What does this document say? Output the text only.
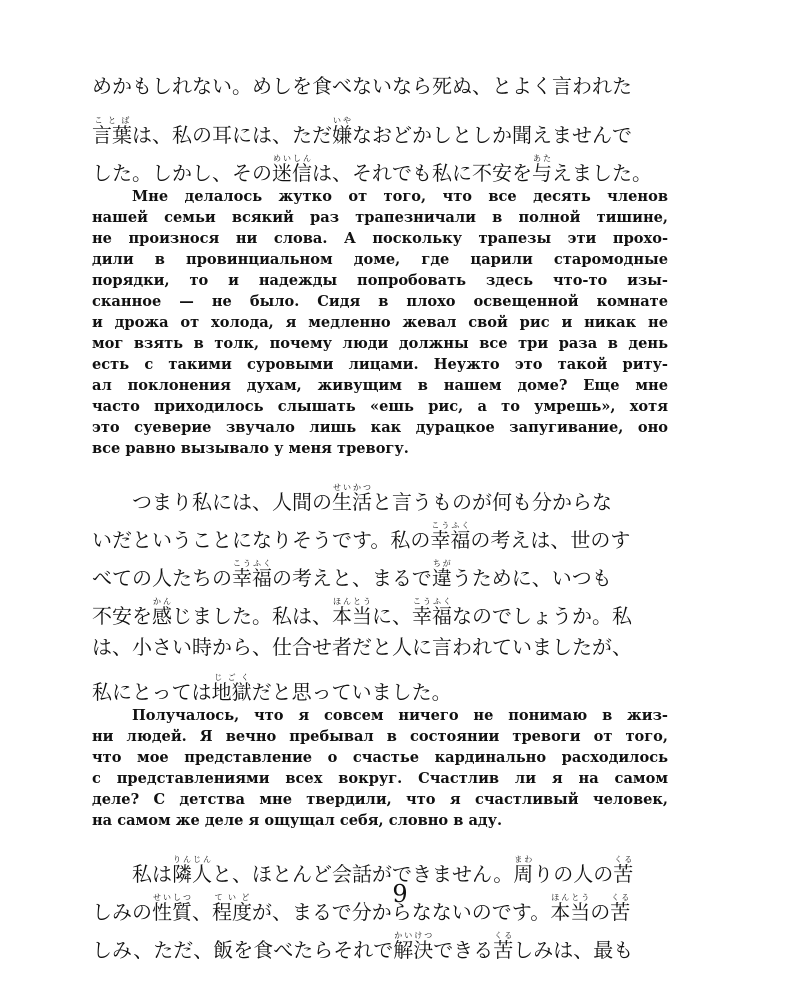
めかもしれない。めしを食べないなら死ぬ、とよく言われた
言葉ことばは、私の耳には、ただ嫌いやなおどかしとしか聞えませんで
した。しかし、その迷信めいしんは、それでも私に不安を与あたえました。
Мне делалось жутко от того, что все десять членов
нашей семьи всякий раз трапезничали в полной тишине,
не произнося ни слова. А поскольку трапезы эти прохо-
дили в провинциальном доме, где царили старомодные
порядки, то и надежды попробовать здесь что-то изы-
сканное — не было. Сидя в плохо освещенной комнате
и дрожа от холода, я медленно жевал свой рис и никак не
мог взять в толк, почему люди должны все три раза в день
есть с такими суровыми лицами. Неужто это такой риту-
ал поклонения духам, живущим в нашем доме? Еще мне
часто приходилось слышать «ешь рис, а то умрешь», хотя
это суеверие звучало лишь как дурацкое запугивание, оно
все равно вызывало у меня тревогу.
つまり私には、人間の生活せいかつと言うものが何も分からな
いだということになりそうです。私の幸福こうふくの考えは、世のす
べての人たちの幸福こうふくの考えと、まるで違ちがうために、いつも
不安を感かんじました。私は、本当ほんとうに、幸福こうふくなのでしょうか。私
は、小さい時から、仕合せ者だと人に言われていましたが、
私にとっては地獄じごくだと思っていました。
Получалось, что я совсем ничего не понимаю в жиз-
ни людей. Я вечно пребывал в состоянии тревоги от того,
что мое представление о счастье кардинально расходилось
с представлениями всех вокруг. Счастлив ли я на самом
деле? С детства мне твердили, что я счастливый человек,
на самом же деле я ощущал себя, словно в аду.
私は隣人りんじんと、ほとんど会話ができません。周まわりの人の苦くる
しみの性質せいしつ、程度ていどが、まるで分からなないのです。本当ほんとうの苦くる
しみ、ただ、飯を食べたらそれで解決かいけつできる苦くるしみは、最も
9
